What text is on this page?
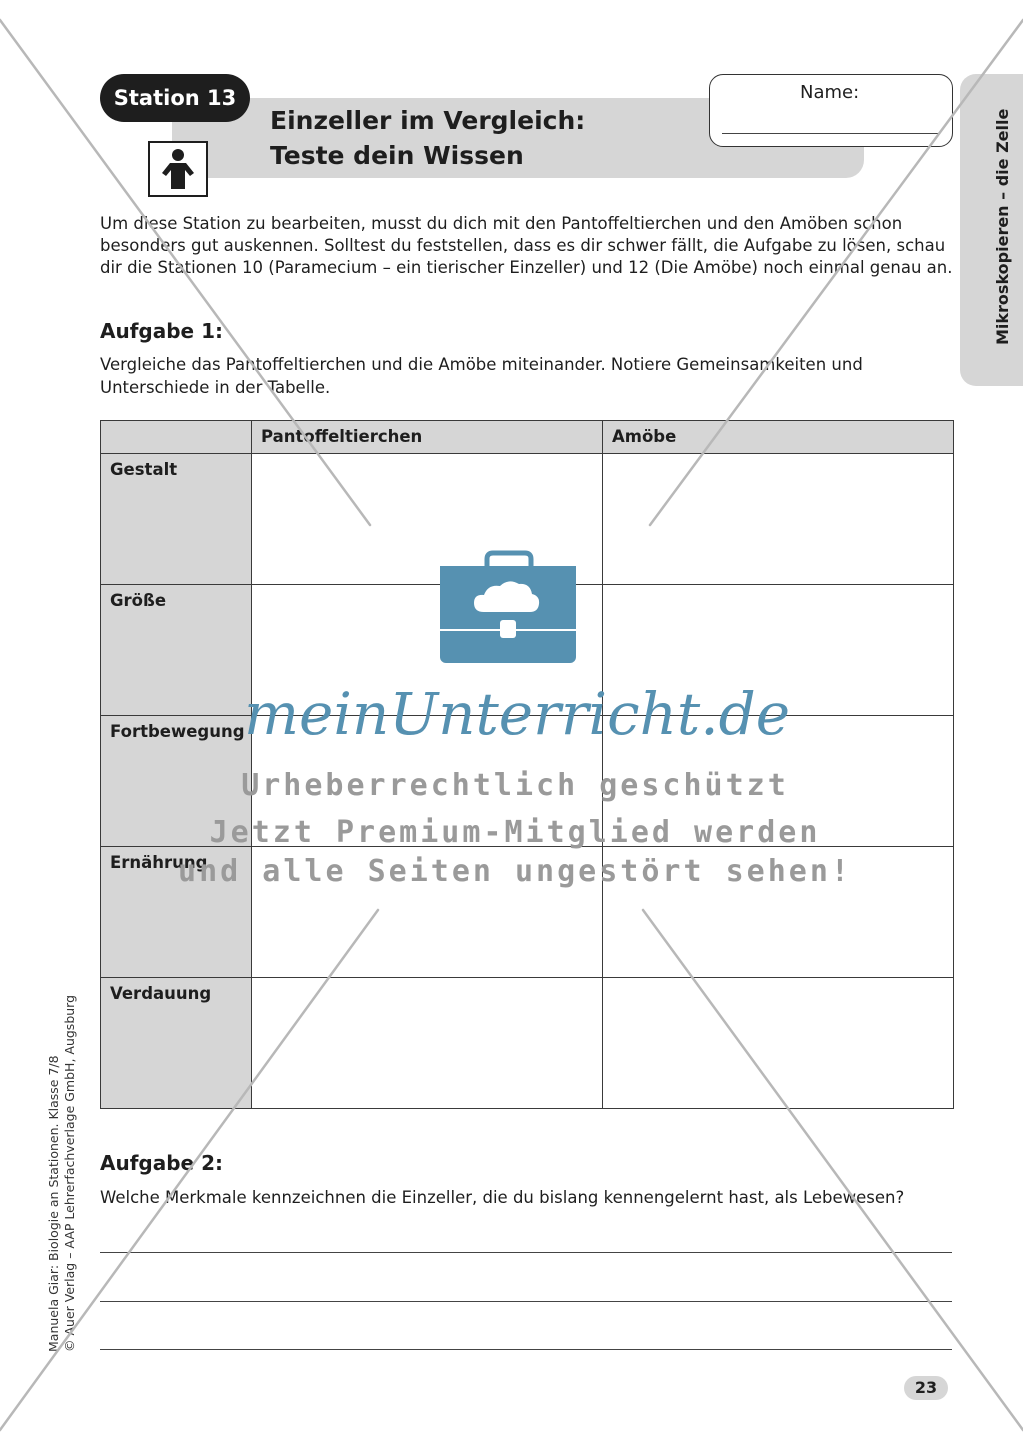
Station 13
Einzeller im Vergleich:
Teste dein Wissen
Name:
Mikroskopieren – die Zelle
Um diese Station zu bearbeiten, musst du dich mit den Pantoffeltierchen und den Amöben schon
besonders gut auskennen. Solltest du feststellen, dass es dir schwer fällt, die Aufgabe zu lösen, schau
dir die Stationen 10 (Paramecium – ein tierischer Einzeller) und 12 (Die Amöbe) noch einmal genau an.
Aufgabe 1:
Vergleiche das Pantoffeltierchen und die Amöbe miteinander. Notiere Gemeinsamkeiten und
Unterschiede in der Tabelle.
	Pantoffeltierchen	Amöbe
Gestalt		
Größe		
Fortbewegung		
Ernährung		
Verdauung		
Aufgabe 2:
Welche Merkmale kennzeichnen die Einzeller, die du bislang kennengelernt hast, als Lebewesen?
Manuela Giar: Biologie an Stationen. Klasse 7/8 © Auer Verlag – AAP Lehrerfachverlage GmbH, Augsburg
23
meinUnterricht.de
Urheberrechtlich geschützt
Jetzt Premium-Mitglied werden
und alle Seiten ungestört sehen!
